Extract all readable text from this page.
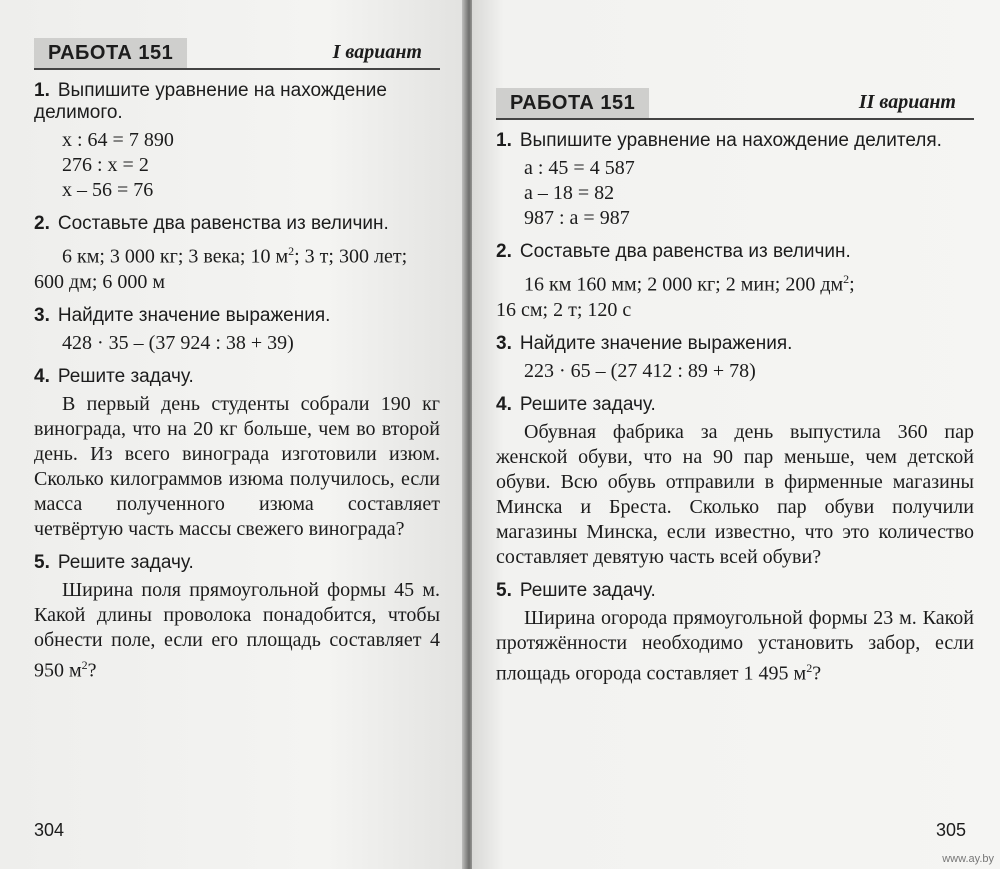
РАБОТА 151	I вариант
1. Выпишите уравнение на нахождение делимого.
x : 64 = 7 890
276 : x = 2
x – 56 = 76
2. Составьте два равенства из величин.
6 км; 3 000 кг; 3 века; 10 $м^2$; 3 т; 300 лет;
600 дм; 6 000 м
3. Найдите значение выражения.
428 · 35 – (37 924 : 38 + 39)
4. Решите задачу.
В первый день студенты собрали 190 кг винограда, что на 20 кг больше, чем во второй день. Из всего винограда изготовили изюм. Сколько килограммов изюма получилось, если масса полученного изюма составляет четвёртую часть массы свежего винограда?
5. Решите задачу.
Ширина поля прямоугольной формы 45 м. Какой длины проволока понадобится, чтобы обнести поле, если его площадь составляет 4 950 $м^2$?
304
РАБОТА 151	II вариант
1. Выпишите уравнение на нахождение делителя.
a : 45 = 4 587
a – 18 = 82
987 : a = 987
2. Составьте два равенства из величин.
16 км 160 мм; 2 000 кг; 2 мин; 200 $дм^2$;
16 см; 2 т; 120 с
3. Найдите значение выражения.
223 · 65 – (27 412 : 89 + 78)
4. Решите задачу.
Обувная фабрика за день выпустила 360 пар женской обуви, что на 90 пар меньше, чем детской обуви. Всю обувь отправили в фирменные магазины Минска и Бреста. Сколько пар обуви получили магазины Минска, если известно, что это количество составляет девятую часть всей обуви?
5. Решите задачу.
Ширина огорода прямоугольной формы 23 м. Какой протяжённости необходимо установить забор, если площадь огорода составляет 1 495 $м^2$?
305
www.ay.by
